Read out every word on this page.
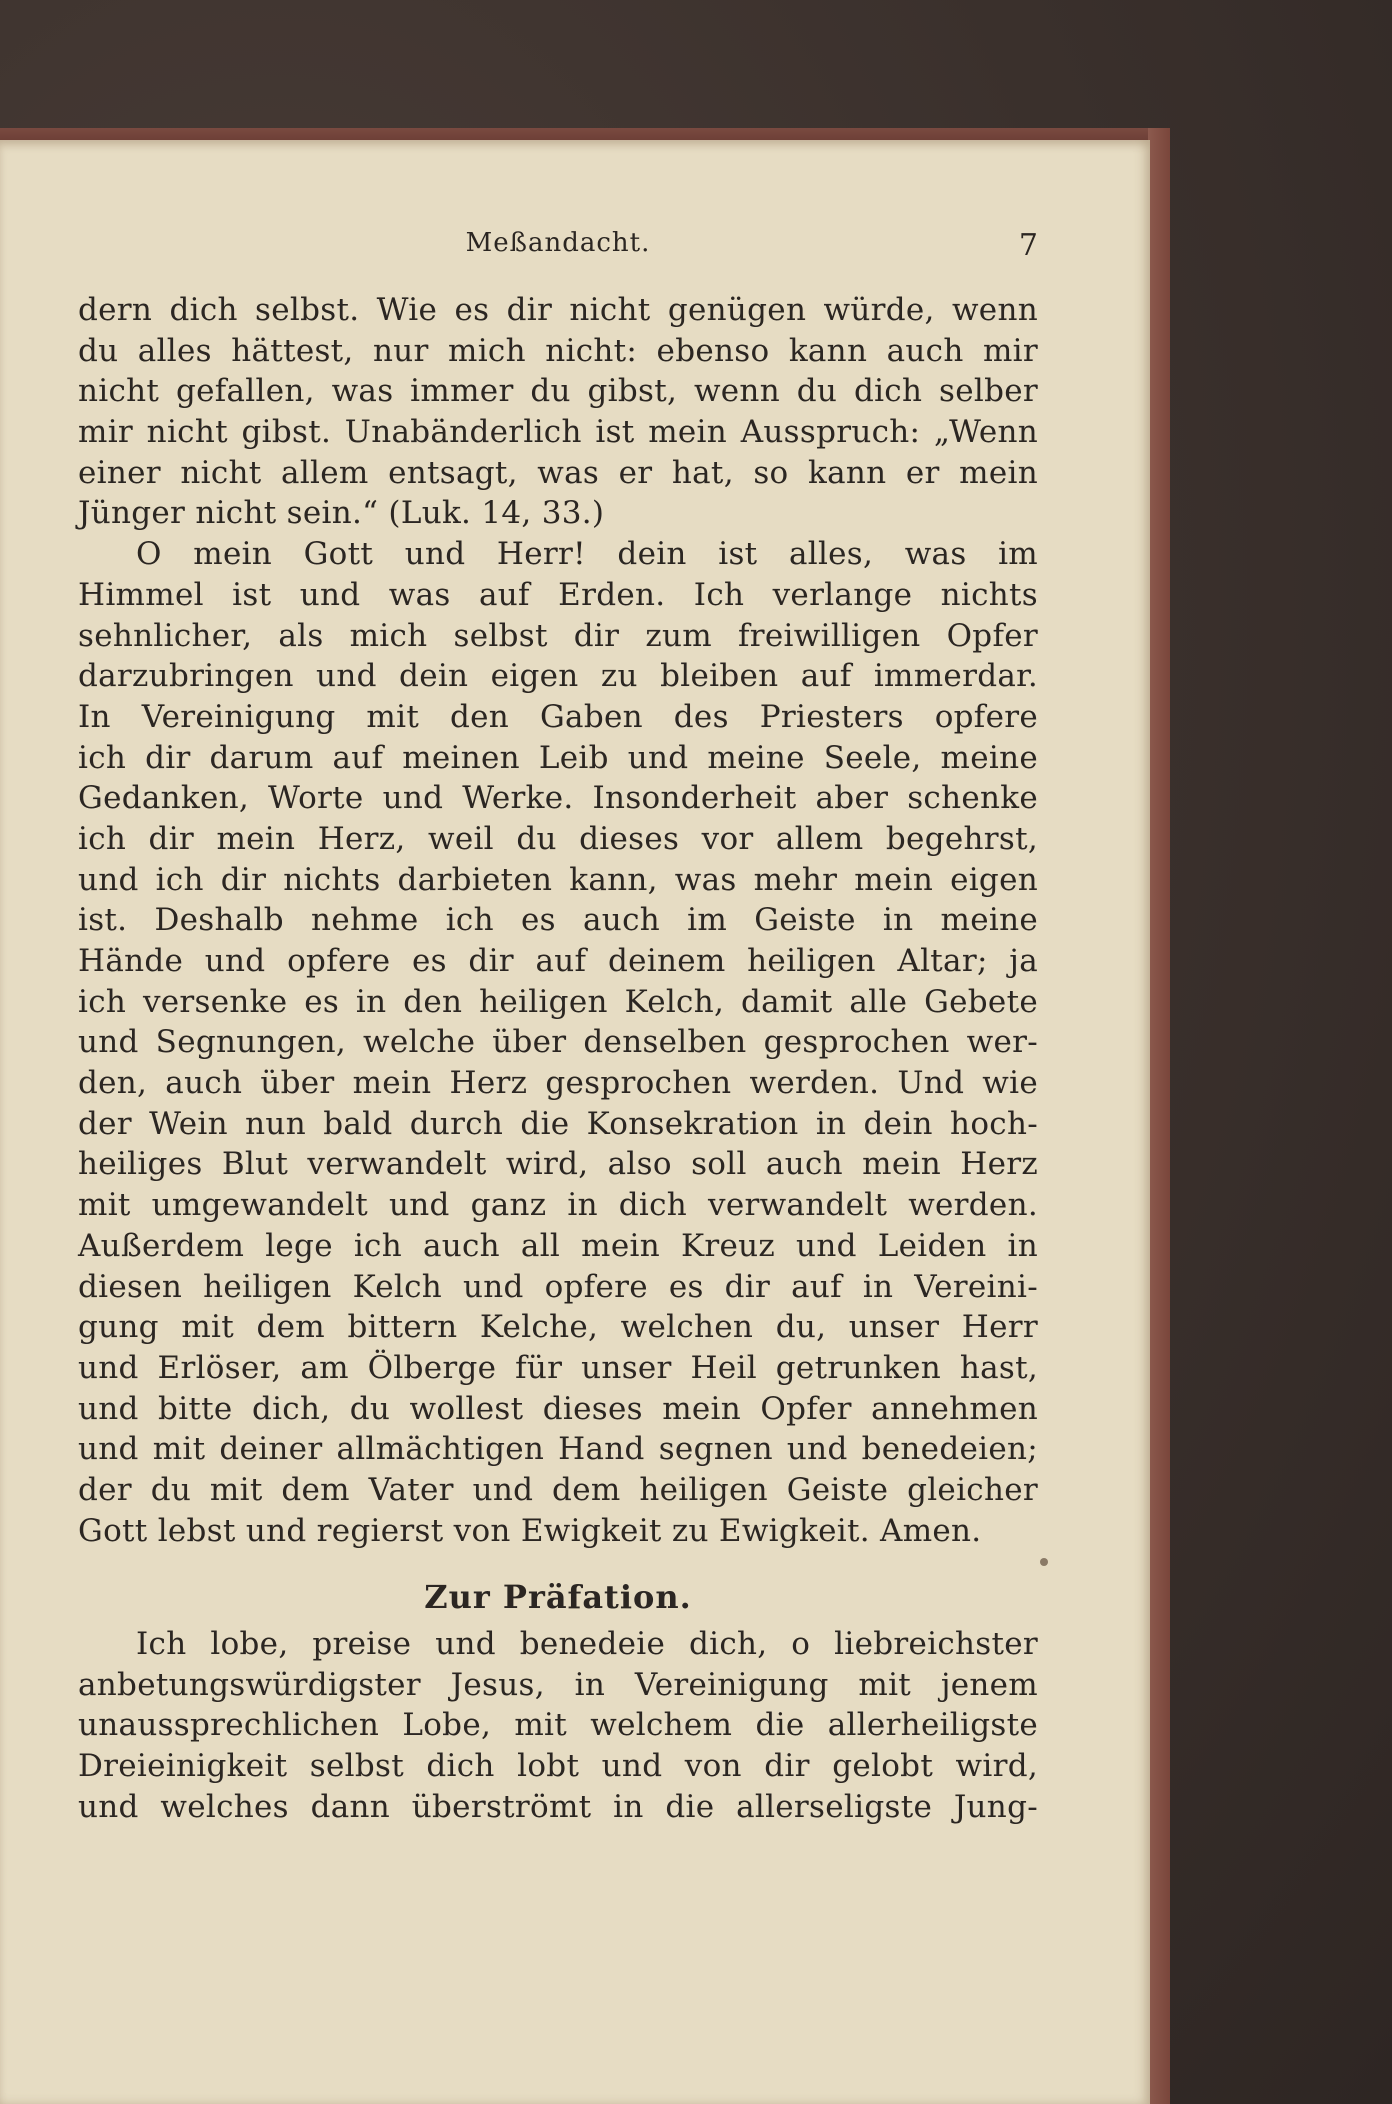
Meßandacht.	7
dern dich selbst. Wie es dir nicht genügen würde, wenn
du alles hättest, nur mich nicht: ebenso kann auch mir
nicht gefallen, was immer du gibst, wenn du dich selber
mir nicht gibst. Unabänderlich ist mein Ausspruch: „Wenn
einer nicht allem entsagt, was er hat, so kann er mein
Jünger nicht sein.“ (Luk. 14, 33.)
O mein Gott und Herr! dein ist alles, was im
Himmel ist und was auf Erden. Ich verlange nichts
sehnlicher, als mich selbst dir zum freiwilligen Opfer
darzubringen und dein eigen zu bleiben auf immerdar.
In Vereinigung mit den Gaben des Priesters opfere
ich dir darum auf meinen Leib und meine Seele, meine
Gedanken, Worte und Werke. Insonderheit aber schenke
ich dir mein Herz, weil du dieses vor allem begehrst,
und ich dir nichts darbieten kann, was mehr mein eigen
ist. Deshalb nehme ich es auch im Geiste in meine
Hände und opfere es dir auf deinem heiligen Altar; ja
ich versenke es in den heiligen Kelch, damit alle Gebete
und Segnungen, welche über denselben gesprochen wer-
den, auch über mein Herz gesprochen werden. Und wie
der Wein nun bald durch die Konsekration in dein hoch-
heiliges Blut verwandelt wird, also soll auch mein Herz
mit umgewandelt und ganz in dich verwandelt werden.
Außerdem lege ich auch all mein Kreuz und Leiden in
diesen heiligen Kelch und opfere es dir auf in Vereini-
gung mit dem bittern Kelche, welchen du, unser Herr
und Erlöser, am Ölberge für unser Heil getrunken hast,
und bitte dich, du wollest dieses mein Opfer annehmen
und mit deiner allmächtigen Hand segnen und benedeien;
der du mit dem Vater und dem heiligen Geiste gleicher
Gott lebst und regierst von Ewigkeit zu Ewigkeit. Amen.
Zur Präfation.
Ich lobe, preise und benedeie dich, o liebreichster
anbetungswürdigster Jesus, in Vereinigung mit jenem
unaussprechlichen Lobe, mit welchem die allerheiligste
Dreieinigkeit selbst dich lobt und von dir gelobt wird,
und welches dann überströmt in die allerseligste Jung-
